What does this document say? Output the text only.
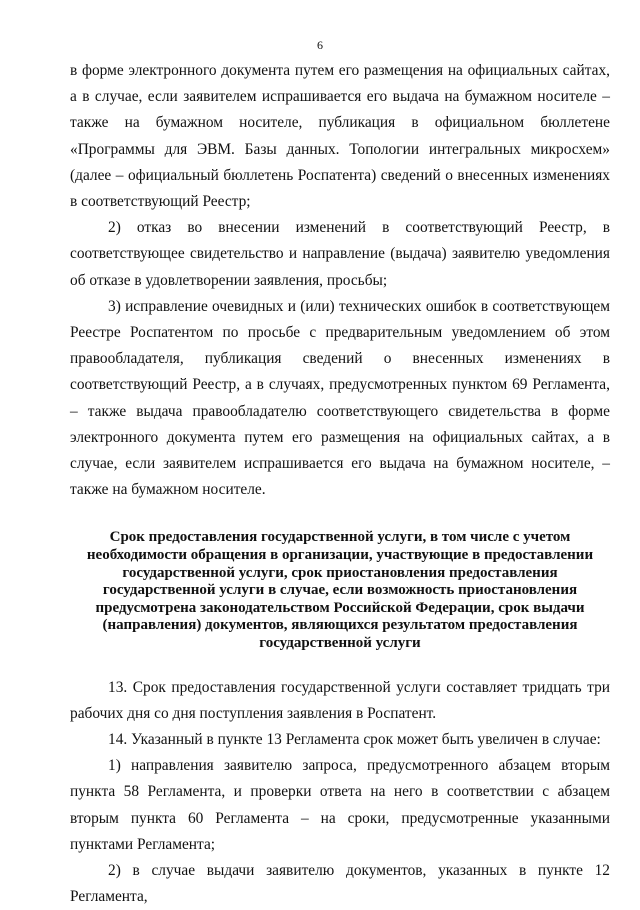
6

в форме электронного документа путем его размещения на официальных сайтах, а в случае, если заявителем испрашивается его выдача на бумажном носителе – также на бумажном носителе, публикация в официальном бюллетене «Программы для ЭВМ. Базы данных. Топологии интегральных микросхем» (далее – официальный бюллетень Роспатента) сведений о внесенных изменениях в соответствующий Реестр;

2) отказ во внесении изменений в соответствующий Реестр, в соответствующее свидетельство и направление (выдача) заявителю уведомления об отказе в удовлетворении заявления, просьбы;

3) исправление очевидных и (или) технических ошибок в соответствующем Реестре Роспатентом по просьбе с предварительным уведомлением об этом правообладателя, публикация сведений о внесенных изменениях в соответствующий Реестр, а в случаях, предусмотренных пунктом 69 Регламента, – также выдача правообладателю соответствующего свидетельства в форме электронного документа путем его размещения на официальных сайтах, а в случае, если заявителем испрашивается его выдача на бумажном носителе, – также на бумажном носителе.

Срок предоставления государственной услуги, в том числе с учетом необходимости обращения в организации, участвующие в предоставлении государственной услуги, срок приостановления предоставления государственной услуги в случае, если возможность приостановления предусмотрена законодательством Российской Федерации, срок выдачи (направления) документов, являющихся результатом предоставления государственной услуги

13. Срок предоставления государственной услуги составляет тридцать три рабочих дня со дня поступления заявления в Роспатент.

14. Указанный в пункте 13 Регламента срок может быть увеличен в случае:

1) направления заявителю запроса, предусмотренного абзацем вторым пункта 58 Регламента, и проверки ответа на него в соответствии с абзацем вторым пункта 60 Регламента – на сроки, предусмотренные указанными пунктами Регламента;

2) в случае выдачи заявителю документов, указанных в пункте 12 Регламента,
